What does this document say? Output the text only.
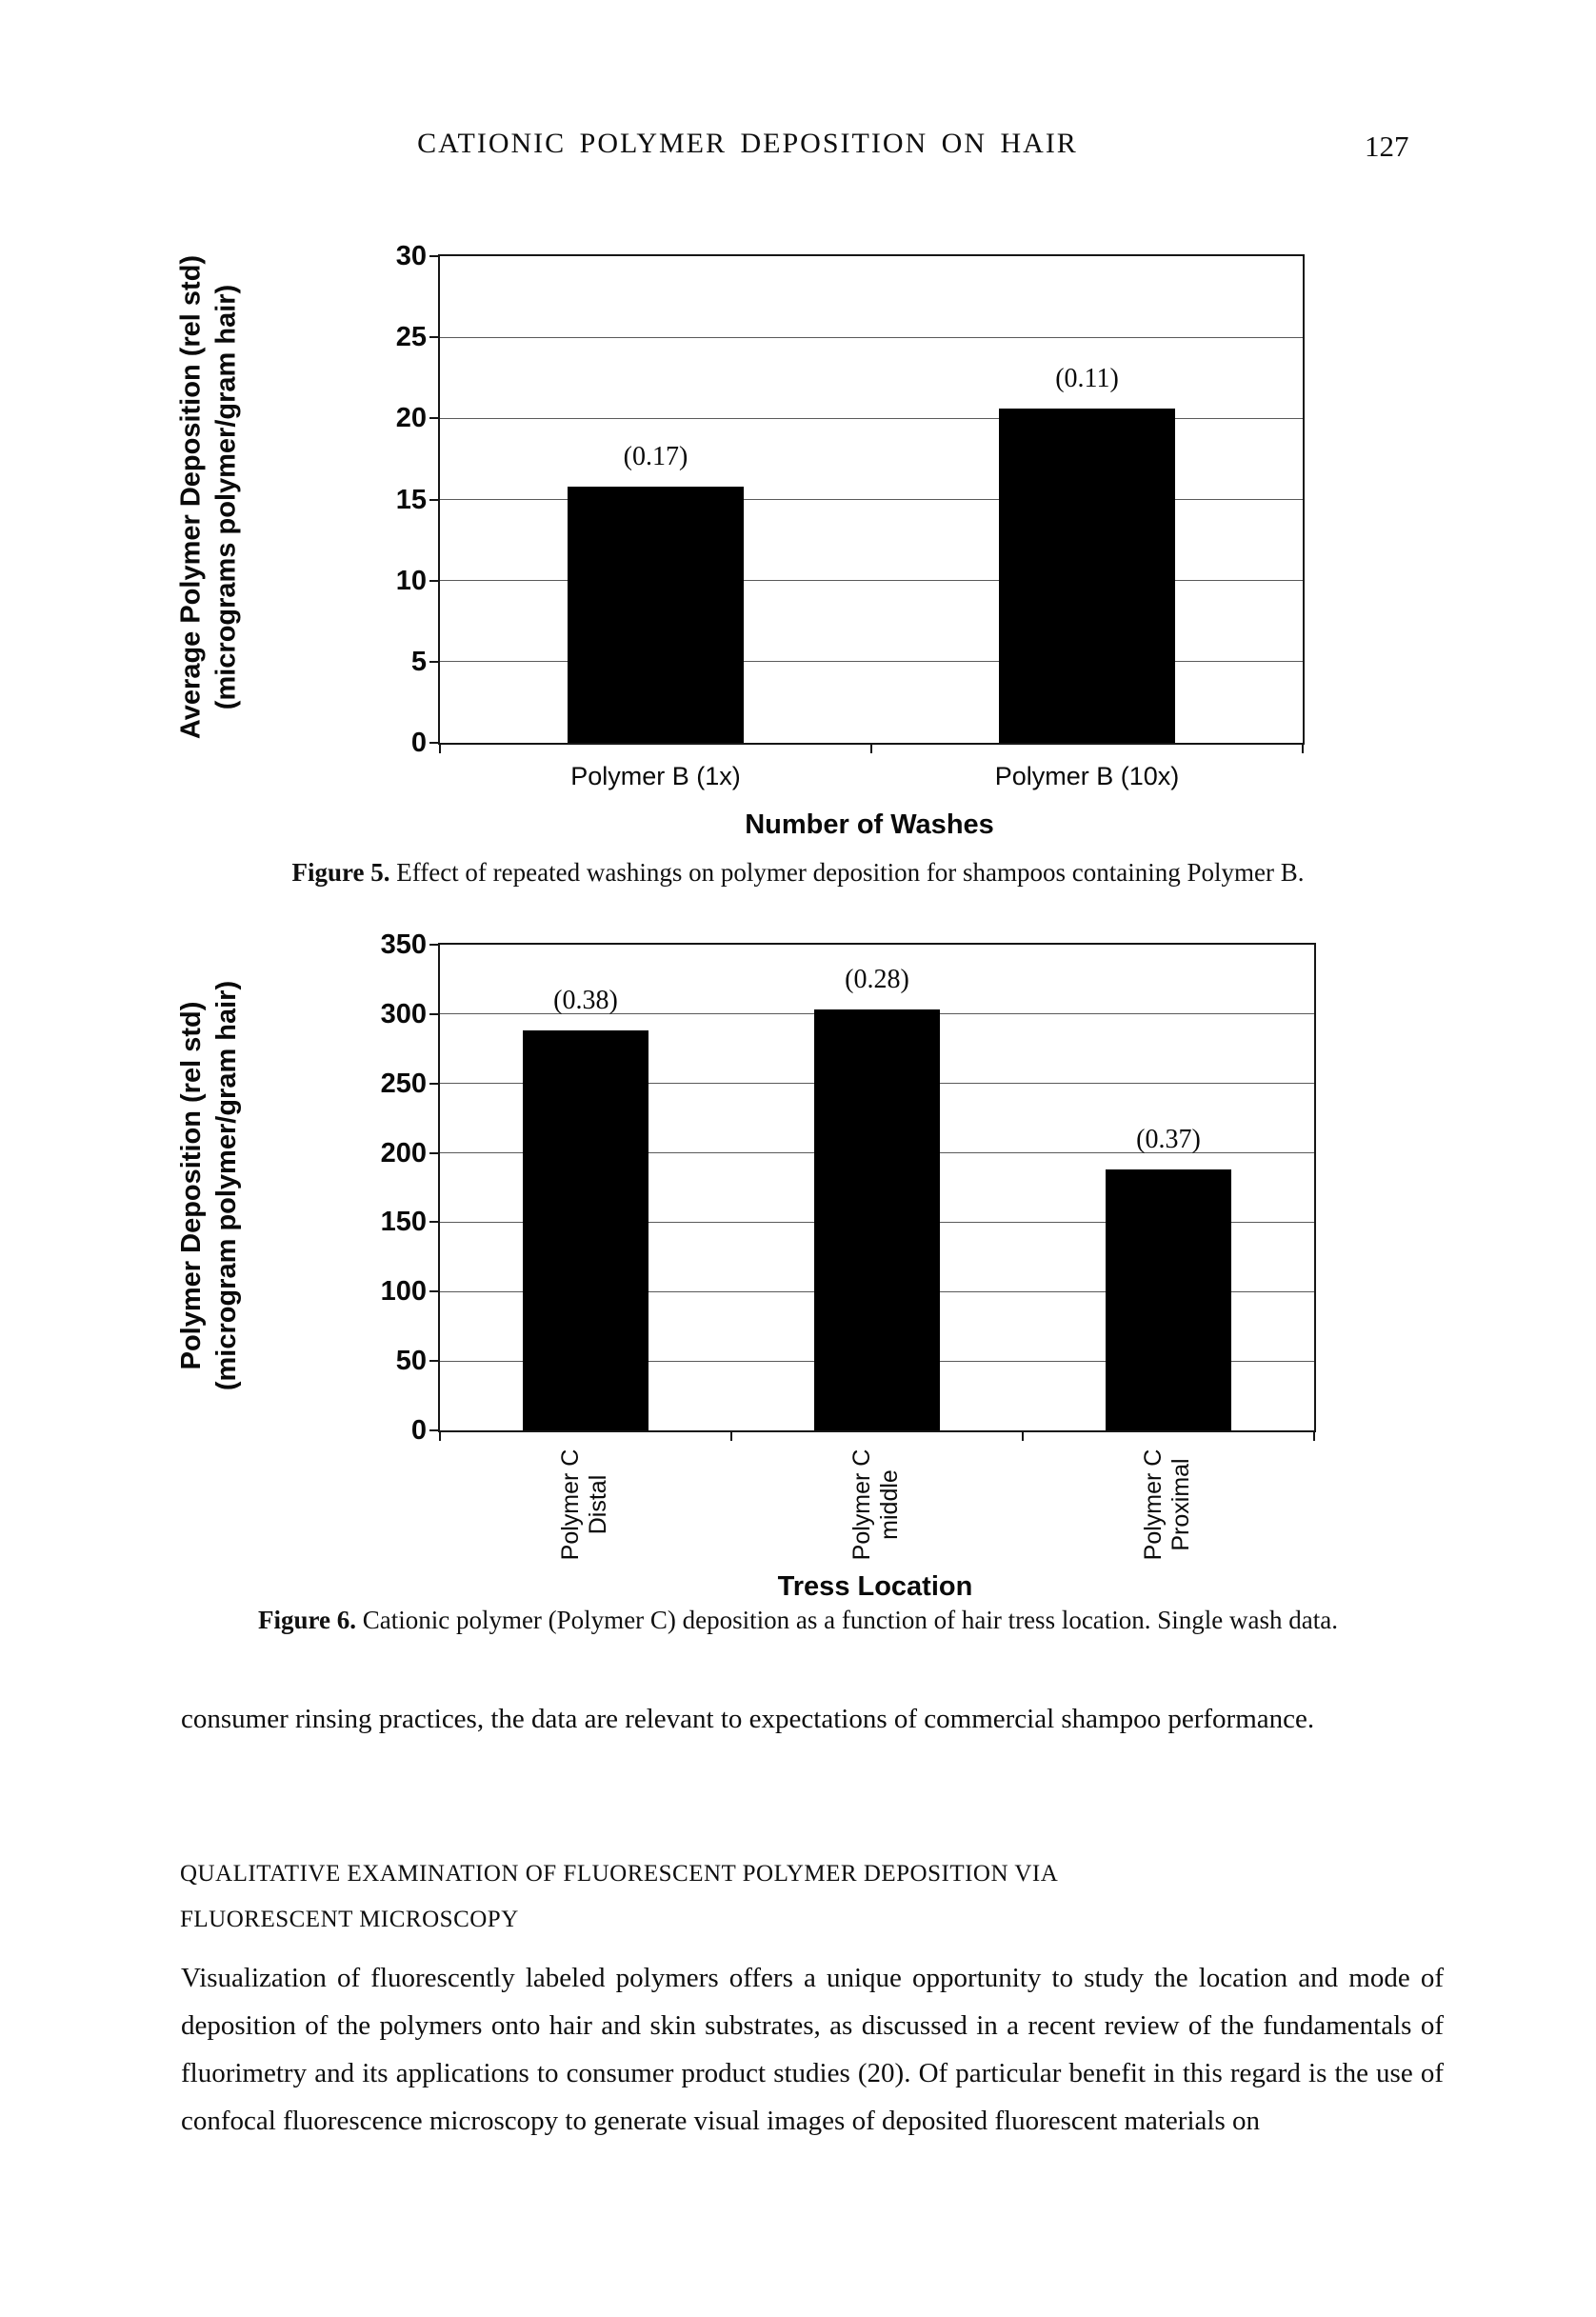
CATIONIC POLYMER DEPOSITION ON HAIR	127
Average Polymer Deposition (rel std) (micrograms polymer/gram hair)
0
5
10
15
20
25
30
(0.17)
Polymer B (1x)
(0.11)
Polymer B (10x)
Number of Washes

Figure 5. Effect of repeated washings on polymer deposition for shampoos containing Polymer B.

Polymer Deposition (rel std) (microgram polymer/gram hair)
0
50
100
150
200
250
300
350
(0.38)
Polymer C Distal
(0.28)
Polymer C middle
(0.37)
Polymer C Proximal
Tress Location

Figure 6. Cationic polymer (Polymer C) deposition as a function of hair tress location. Single wash data.

consumer rinsing practices, the data are relevant to expectations of commercial shampoo performance.

QUALITATIVE EXAMINATION OF FLUORESCENT POLYMER DEPOSITION VIA
FLUORESCENT MICROSCOPY

Visualization of fluorescently labeled polymers offers a unique opportunity to study the location and mode of deposition of the polymers onto hair and skin substrates, as discussed in a recent review of the fundamentals of fluorimetry and its applications to consumer product studies (20). Of particular benefit in this regard is the use of confocal fluorescence microscopy to generate visual images of deposited fluorescent materials on
